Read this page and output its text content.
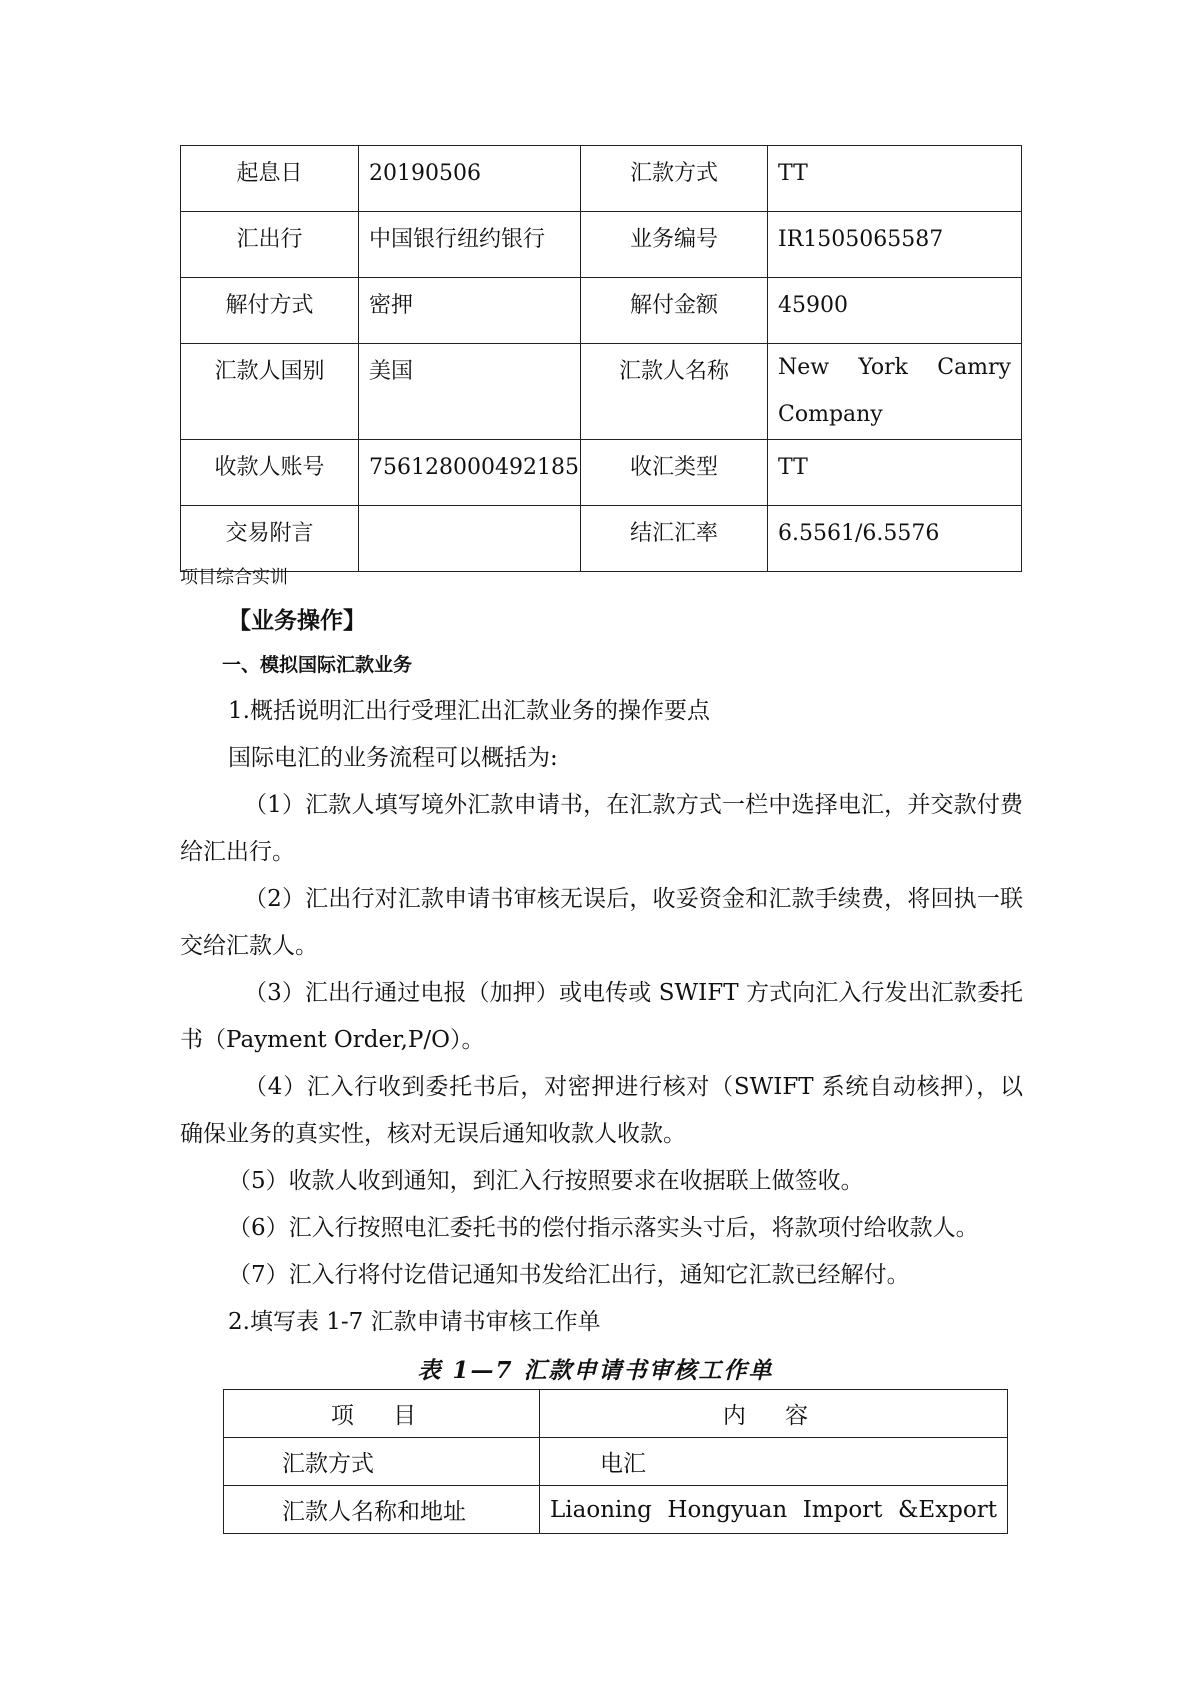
起息日	20190506	汇款方式	TT
汇出行	中国银行纽约银行	业务编号	IR1505065587
解付方式	密押	解付金额	45900
汇款人国别	美国	汇款人名称	New York Camry
Company

收款人账号	756128000492185	收汇类型	TT
交易附言		结汇汇率	6.5561/6.5576
项目综合实训
【业务操作】
一、模拟国际汇款业务
1.概括说明汇出行受理汇出汇款业务的操作要点
国际电汇的业务流程可以概括为:
（1）汇款人填写境外汇款申请书，在汇款方式一栏中选择电汇，并交款付费给汇出行。
（2）汇出行对汇款申请书审核无误后，收妥资金和汇款手续费，将回执一联交给汇款人。
（3）汇出行通过电报（加押）或电传或 SWIFT 方式向汇入行发出汇款委托书（Payment Order,P/O）。
（4）汇入行收到委托书后，对密押进行核对（SWIFT 系统自动核押），以确保业务的真实性，核对无误后通知收款人收款。
（5）收款人收到通知，到汇入行按照要求在收据联上做签收。
（6）汇入行按照电汇委托书的偿付指示落实头寸后，将款项付给收款人。
（7）汇入行将付讫借记通知书发给汇出行，通知它汇款已经解付。
2.填写表 1-7 汇款申请书审核工作单
表 1—7 汇款申请书审核工作单
项 目	内 容
汇款方式	电汇
汇款人名称和地址	Liaoning Hongyuan Import &Export
